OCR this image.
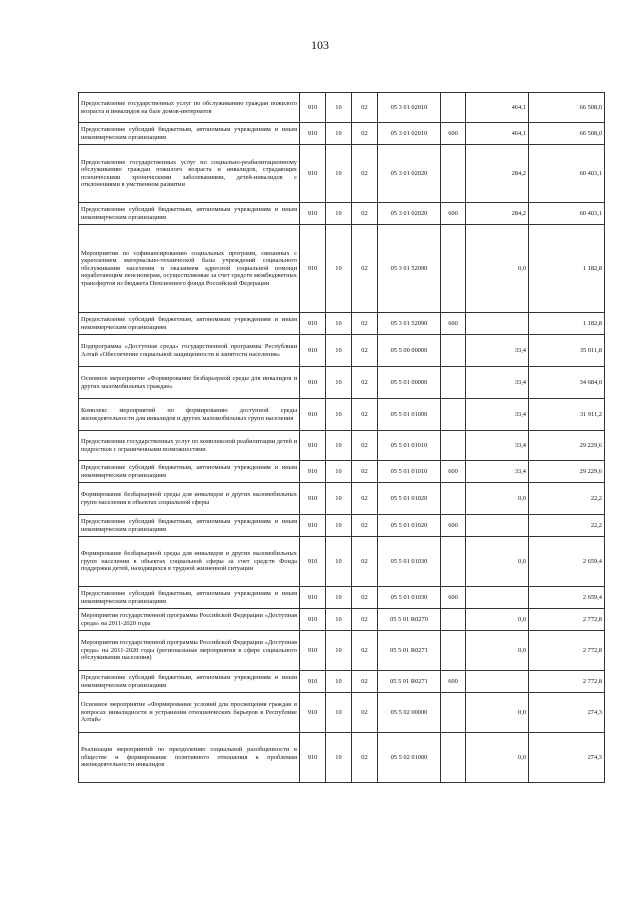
103
Предоставление государственных услуг по обслуживанию граждан пожилого возраста и инвалидов на базе домов-интернатов	910	10	02	05 3 01 02010		464,1	66 508,0
Предоставление субсидий бюджетным, автономным учреждениям и иным некоммерческим организациям	910	10	02	05 3 01 02010	600	464,1	66 508,0
Предоставление государственных услуг по социально-реабилитационному обслуживанию граждан пожилого возраста и инвалидов, страдающих психическими хроническими заболеваниями, детей-инвалидов с отклонениями в умственном развитии	910	10	02	05 3 01 02020		284,2	60 403,1
Предоставление субсидий бюджетным, автономным учреждениям и иным некоммерческим организациям	910	10	02	05 3 01 02020	600	284,2	60 403,1
Мероприятия по софинансированию социальных программ, связанных с укреплением материально-технической базы учреждений социального обслуживания населения и оказанием адресной социальной помощи неработающим пенсионерам, осуществляемые за счет средств межбюджетных трансфертов из бюджета Пенсионного фонда Российской Федерации	910	10	02	05 3 01 52090		0,0	1 182,8
Предоставление субсидий бюджетным, автономным учреждениям и иным некоммерческим организациям	910	10	02	05 3 01 52090	600		1 182,8
Подпрограмма «Доступная среда» государственной программы Республики Алтай «Обеспечение социальной защищенности и занятости населения»	910	10	02	05 5 00 00000		33,4	35 011,8
Основное мероприятие «Формирование безбарьерной среды для инвалидов и других маломобильных граждан»	910	10	02	05 5 01 00000		33,4	34 684,0
Комплекс мероприятий по формированию доступной среды жизнедеятельности для инвалидов и других маломобильных групп населения	910	10	02	05 5 01 01000		33,4	31 911,2
Предоставление государственных услуг по комплексной реабилитации детей и подростков с ограниченными возможностями	910	10	02	05 5 01 01010		33,4	29 229,6
Предоставление субсидий бюджетным, автономным учреждениям и иным некоммерческим организациям	910	10	02	05 5 01 01010	600	33,4	29 229,6
Формирование безбарьерной среды для инвалидов и других маломобильных групп населения в объектах социальной сферы	910	10	02	05 5 01 01020		0,0	22,2
Предоставление субсидий бюджетным, автономным учреждениям и иным некоммерческим организациям	910	10	02	05 5 01 01020	600		22,2
Формирование безбарьерной среды для инвалидов и других маломобильных групп населения в объектах социальной сферы за счет средств Фонда поддержки детей, находящихся в трудной жизненной ситуации	910	10	02	05 5 01 01030		0,0	2 659,4
Предоставление субсидий бюджетным, автономным учреждениям и иным некоммерческим организациям	910	10	02	05 5 01 01030	600		2 659,4
Мероприятия государственной программы Российской Федерации «Доступная среда» на 2011-2020 годы	910	10	02	05 5 01 R0270		0,0	2 772,8
Мероприятия государственной программы Российской Федерации «Доступная среда» на 2011-2020 годы (региональные мероприятия в сфере социального обслуживания населения)	910	10	02	05 5 01 R0271		0,0	2 772,8
Предоставление субсидий бюджетным, автономным учреждениям и иным некоммерческим организациям	910	10	02	05 5 01 R0271	600		2 772,8
Основное мероприятие «Формирование условий для просвещения граждан в вопросах инвалидности и устранения отношенческих барьеров в Республике Алтай»	910	10	02	05 5 02 00000		0,0	274,3
Реализация мероприятий по преодолению социальной разобщенности в обществе и формирование позитивного отношения к проблемам жизнедеятельности инвалидов	910	10	02	05 5 02 01000		0,0	274,3
